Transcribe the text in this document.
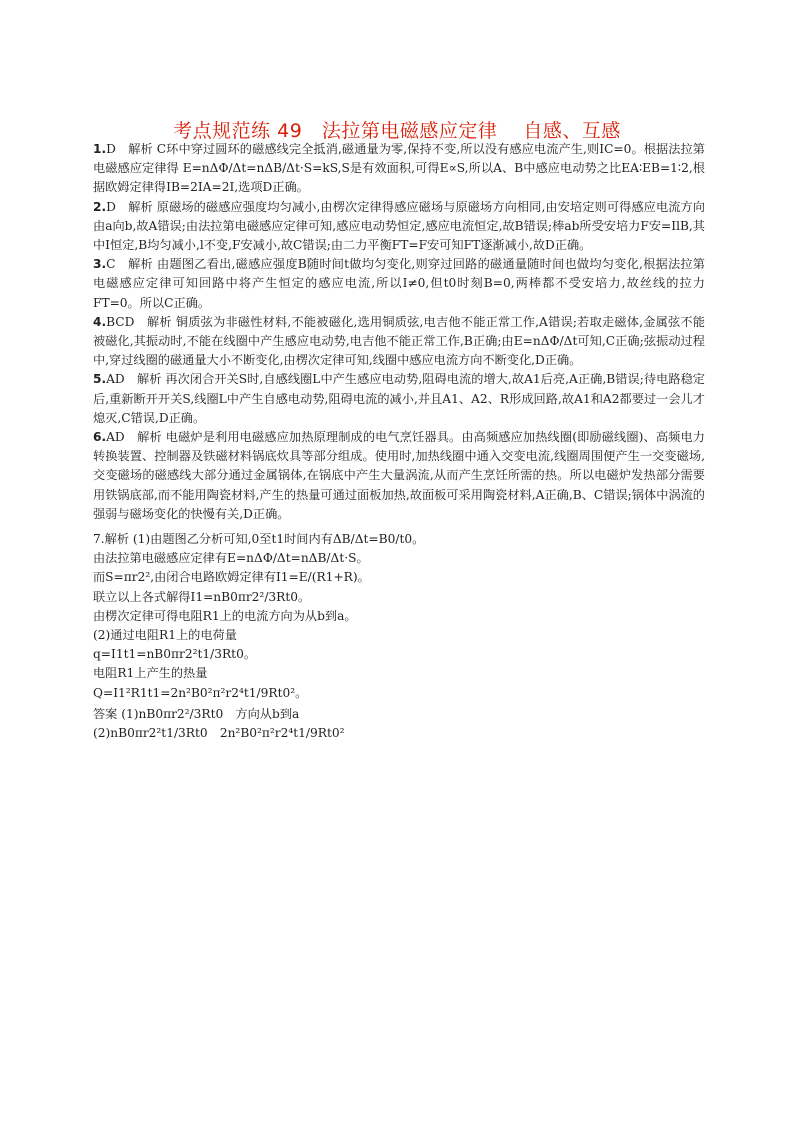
考点规范练 49　法拉第电磁感应定律　 自感、互感

1.D　解析 C环中穿过圆环的磁感线完全抵消,磁通量为零,保持不变,所以没有感应电流产生,则IC=0。根据法拉第电磁感应定律得 E=nΔΦ/Δt=nΔB/Δt·S=kS,S是有效面积,可得E∝S,所以A、B中感应电动势之比EA∶EB=1∶2,根据欧姆定律得IB=2IA=2I,选项D正确。

2.D　解析 原磁场的磁感应强度均匀减小,由楞次定律得感应磁场与原磁场方向相同,由安培定则可得感应电流方向由a向b,故A错误;由法拉第电磁感应定律可知,感应电动势恒定,感应电流恒定,故B错误;棒ab所受安培力F安=IlB,其中I恒定,B均匀减小,l不变,F安减小,故C错误;由二力平衡FT=F安可知FT逐渐减小,故D正确。

3.C　解析 由题图乙看出,磁感应强度B随时间t做均匀变化,则穿过回路的磁通量随时间也做均匀变化,根据法拉第电磁感应定律可知回路中将产生恒定的感应电流,所以I≠0,但t0时刻B=0,两棒都不受安培力,故丝线的拉力FT=0。所以C正确。

4.BCD　解析 铜质弦为非磁性材料,不能被磁化,选用铜质弦,电吉他不能正常工作,A错误;若取走磁体,金属弦不能被磁化,其振动时,不能在线圈中产生感应电动势,电吉他不能正常工作,B正确;由E=nΔΦ/Δt可知,C正确;弦振动过程中,穿过线圈的磁通量大小不断变化,由楞次定律可知,线圈中感应电流方向不断变化,D正确。

5.AD　解析 再次闭合开关S时,自感线圈L中产生感应电动势,阻碍电流的增大,故A1后亮,A正确,B错误;待电路稳定后,重新断开开关S,线圈L中产生自感电动势,阻碍电流的减小,并且A1、A2、R形成回路,故A1和A2都要过一会儿才熄灭,C错误,D正确。

6.AD　解析 电磁炉是利用电磁感应加热原理制成的电气烹饪器具。由高频感应加热线圈(即励磁线圈)、高频电力转换装置、控制器及铁磁材料锅底炊具等部分组成。使用时,加热线圈中通入交变电流,线圈周围便产生一交变磁场,交变磁场的磁感线大部分通过金属锅体,在锅底中产生大量涡流,从而产生烹饪所需的热。所以电磁炉发热部分需要用铁锅底部,而不能用陶瓷材料,产生的热量可通过面板加热,故面板可采用陶瓷材料,A正确,B、C错误;锅体中涡流的强弱与磁场变化的快慢有关,D正确。

7.解析 (1)由题图乙分析可知,0至t1时间内有ΔB/Δt=B0/t0。

由法拉第电磁感应定律有E=nΔΦ/Δt=nΔB/Δt·S。

而S=πr2²,由闭合电路欧姆定律有I1=E/(R1+R)。

联立以上各式解得I1=nB0πr2²/3Rt0。

由楞次定律可得电阻R1上的电流方向为从b到a。

(2)通过电阻R1上的电荷量

q=I1t1=nB0πr2²t1/3Rt0。

电阻R1上产生的热量

Q=I1²R1t1=2n²B0²π²r2⁴t1/9Rt0²。

答案 (1)nB0πr2²/3Rt0　方向从b到a

(2)nB0πr2²t1/3Rt0　2n²B0²π²r2⁴t1/9Rt0²
